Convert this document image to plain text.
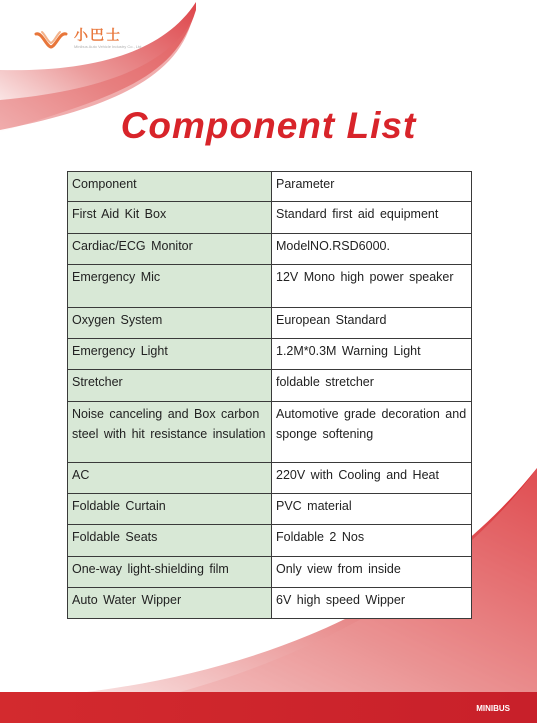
小巴士
Minibus Auto Vehicle Industry Co., Ltd
Component List
Component	Parameter
First Aid Kit Box	Standard first aid equipment
Cardiac/ECG Monitor	ModelNO.RSD6000.
Emergency Mic	12V Mono high power speaker
Oxygen System	European Standard
Emergency Light	1.2M*0.3M Warning Light
Stretcher	foldable stretcher
Noise canceling and Box carbon steel with hit resistance insulation	Automotive grade decoration and sponge softening
AC	220V with Cooling and Heat
Foldable Curtain	PVC material
Foldable Seats	Foldable 2 Nos
One-way light-shielding film	Only view from inside
Auto Water Wipper	6V high speed Wipper
MINIBUS
